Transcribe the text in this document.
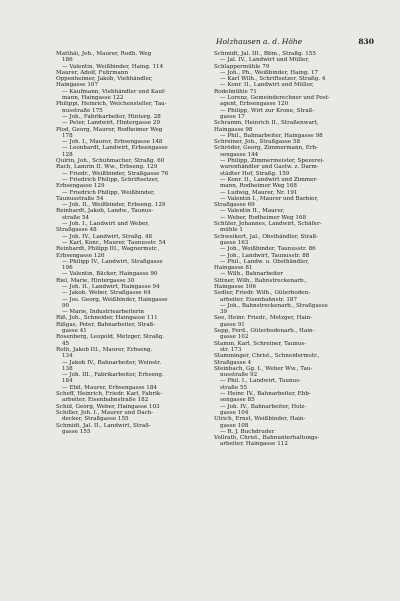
Holzhausen a. d. Höhe	830
Matthäi, Joh., Maurer, Rodh. Weg
186
— Valentin, Weißbinder, Haing. 114
Maurer, Adolf, Fuhrmann
Oppenheimer, Jakob, Viehhändler,
Haingasse 107
— Kaufmann, Viehhändler und Kauf-
mann, Haingasse 122
Philippi, Heinrich, Weichensteller, Tau-
nusstraße 175
— Joh., Fabrikarbeiter, Hinterg. 28
— Peter, Landwirt, Hintergasse 29
Plod, Georg, Maurer, Rodheimer Weg
178
— Joh. I., Maurer, Erbsengasse 148
— Leonhardt, Landwirt, Erbsengasse
128
Quirin, Joh., Schuhmacher, Straßg. 60
Rach, Lamrin II. Ww., Erbseng. 129
— Friedr., Weißbinder, Straßgasse 76
— Friedrich Philipp, Schriftsetzer,
Erbsengasse 129
— Friedrich Philipp, Weißbinder,
Taunusstraße 54
— Joh. II., Weißbinder, Erbseng. 129
Reinhardt, Jakob, Landw., Taunus-
straße 54
— Joh. I., Landwirt und Weber,
Straßgasse 48
— Joh. IV., Landwirt, Straßg. 48
— Karl, Konr., Maurer, Taunusstr. 54
Reinhardt, Philipp III., Wagnermstr.,
Erbsengasse 126
— Philipp IV., Landwirt, Straßgasse
196
— Valentin, Bäcker, Haingasse 90
Riel, Marie, Hintergasse 30
— Joh. II., Landwirt, Haingasse 94
— Jakob, Weber, Straßgasse 64
— Jos. Georg, Weißbinder, Haingasse
90
— Marie, Industriearbeiterin
Riß, Joh., Schneider, Haingasse 111
Rißgas, Peter, Bahnarbeiter, Straß-
gasse 41
Rosenberg, Leopold, Metzger, Straßg.
45
Roth, Jakob III., Maurer, Erbseng.
134
— Jakob IV., Bahnarbeiter, Weinstr.
138
— Joh. III., Fabrikarbeiter, Erbseng.
184
— Ebil, Maurer, Erbsengasse 184
Scheff, Heinrich, Friedr. Karl, Fabrik-
arbeiter, Eisenbahnstraße 182
Schid, Georg, Weber, Haingasse 103
Schiller, Joh. I., Maurer und Dach-
decker, Straßgasse 155
Schmidt, Jal. II., Landwirt, Straß-
gasse 155
Schmidt, Jal. III., Bbm., Straßg. 155
— Jal. IV., Landwirt und Müller,
Schlappermühle 79
— Joh., Ph., Weißbinder, Haing. 17
— Karl Wilh., Schriftsetzer, Straßg. 4
— Konr. II., Landwirt und Müller,
Rodelmühle 71
— Lorenz, Gemeinderechner und Post-
agent, Erbsengasse 120
— Philipp, Wirt zur Krone, Straß-
gasse 17
Schramm, Heinrich II., Straßenwart,
Haingasse 98
— Phil., Bahnarbeiter, Haingasse 98
Schreiner, Joh., Straßgasse 58
Schröder, Georg, Zimmermann, Erb-
sengasse 144
— Philipp, Zimmermeister, Spezerei-
warenhändler und Gastw. z. Darm-
städter Hof, Straßg. 159
— Konr. II., Landwirt und Zimmer-
mann, Rodheimer Weg 168
— Ludwig, Maurer, Nr. 191
— Valentin I., Maurer und Barbier,
Straßgasse 69
— Valentin II., Maurer,
— Weber, Rodheimer Weg 168
Schüler, Johannes, Landwirt, Schäfer-
mühle 1
Schweikert, Jal., Obsthändler, Straß-
gasse 163
— Joh., Weißbinder, Taunusstr. 86
— Joh., Landwirt, Taunusstr. 88
— Phil., Landw. u. Obsthändler,
Haingasse 81
— Wilh., Bahnarbeiter
Sittner, Wilh., Bahnstreckenarb.,
Haingasse 106
Sedler, Friedr. Wilh., Güterboden-
arbeiter, Eisenbahnstr. 187
— Joh., Bahnstreckenarb., Straßgasse
39
See, Heinr. Friedr., Metzger, Hain-
gasse 91
Sepp, Ferd., Güterbodenarb., Hain-
gasse 102
Stamm, Karl, Schreiner, Taunus-
str. 173
Stamminger, Christ., Schneidermstr.,
Straßgasse 4
Steinbach, Gg. I., Weber Ww., Tau-
nusstraße 92
— Phil. I., Landwirt, Taunus-
straße 55
— Heinr. IV., Bahnarbeiter, Ebb-
sengasse 85
— Joh. IV., Bahnarbeiter, Holz-
gasse 104
Ulrich, Ernst, Weißbinder, Hain-
gasse 108
— R. J. Buchdruder
Vollrath, Christ., Bahnunterhaltungs-
arbeiter, Haingasse 112
